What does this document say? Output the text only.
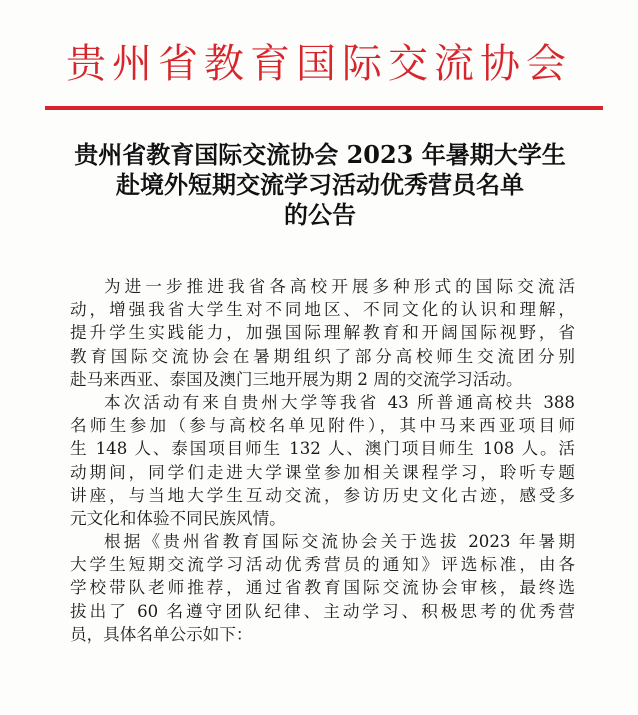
贵州省教育国际交流协会
贵州省教育国际交流协会 2023 年暑期大学生
赴境外短期交流学习活动优秀营员名单
的公告
为进一步推进我省各高校开展多种形式的国际交流活
动，增强我省大学生对不同地区、不同文化的认识和理解，
提升学生实践能力，加强国际理解教育和开阔国际视野，省
教育国际交流协会在暑期组织了部分高校师生交流团分别
赴马来西亚、泰国及澳门三地开展为期 2 周的交流学习活动。
本次活动有来自贵州大学等我省 43 所普通高校共 388
名师生参加（参与高校名单见附件），其中马来西亚项目师
生 148 人、泰国项目师生 132 人、澳门项目师生 108 人。活
动期间，同学们走进大学课堂参加相关课程学习，聆听专题
讲座，与当地大学生互动交流，参访历史文化古迹，感受多
元文化和体验不同民族风情。
根据《贵州省教育国际交流协会关于选拔 2023 年暑期
大学生短期交流学习活动优秀营员的通知》评选标准，由各
学校带队老师推荐，通过省教育国际交流协会审核，最终选
拔出了 60 名遵守团队纪律、主动学习、积极思考的优秀营
员，具体名单公示如下：
